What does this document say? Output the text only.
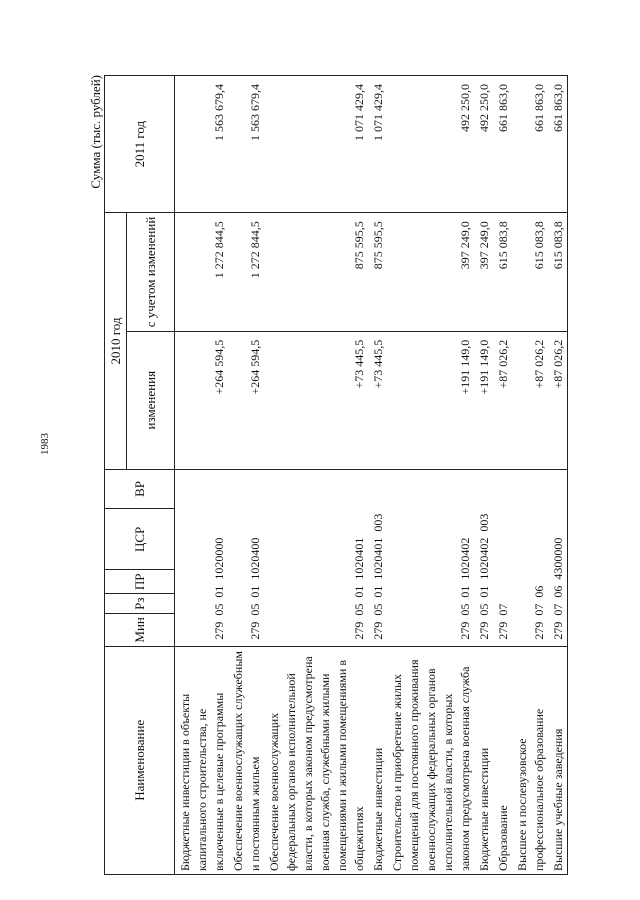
1983
Сумма (тыс. рублей)
Наименование	Мин	Рз	ПР	ЦСР	ВР	2010 год		2011 год
						изменения	с учетом изменений	
Бюджетные инвестиции в объекты капитального строительства, не включенные в целевые программы	279  05  01  1020000					+264 594,5	1 272 844,5	1 563 679,4
Обеспечение военнослужащих служебным и постоянным жильем	279  05  01  1020400					+264 594,5	1 272 844,5	1 563 679,4
Обеспечение военнослужащих федеральных органов исполнительной власти, в которых законом предусмотрена военная служба, служебными жилыми помещениями и жилыми помещениями в общежитиях	279  05  01  1020401					+73 445,5	875 595,5	1 071 429,4
Бюджетные инвестиции	279  05  01  1020401  003					+73 445,5	875 595,5	1 071 429,4
Строительство и приобретение жилых помещений для постоянного проживания военнослужащих федеральных органов исполнительной власти, в которых законом предусмотрена военная служба	279  05  01  1020402					+191 149,0	397 249,0	492 250,0
Бюджетные инвестиции	279  05  01  1020402  003					+191 149,0	397 249,0	492 250,0
Образование	279  07					+87 026,2	615 083,8	661 863,0
Высшее и послевузовское профессиональное образование	279  07  06					+87 026,2	615 083,8	661 863,0
Высшие учебные заведения	279  07  06  4300000					+87 026,2	615 083,8	661 863,0
